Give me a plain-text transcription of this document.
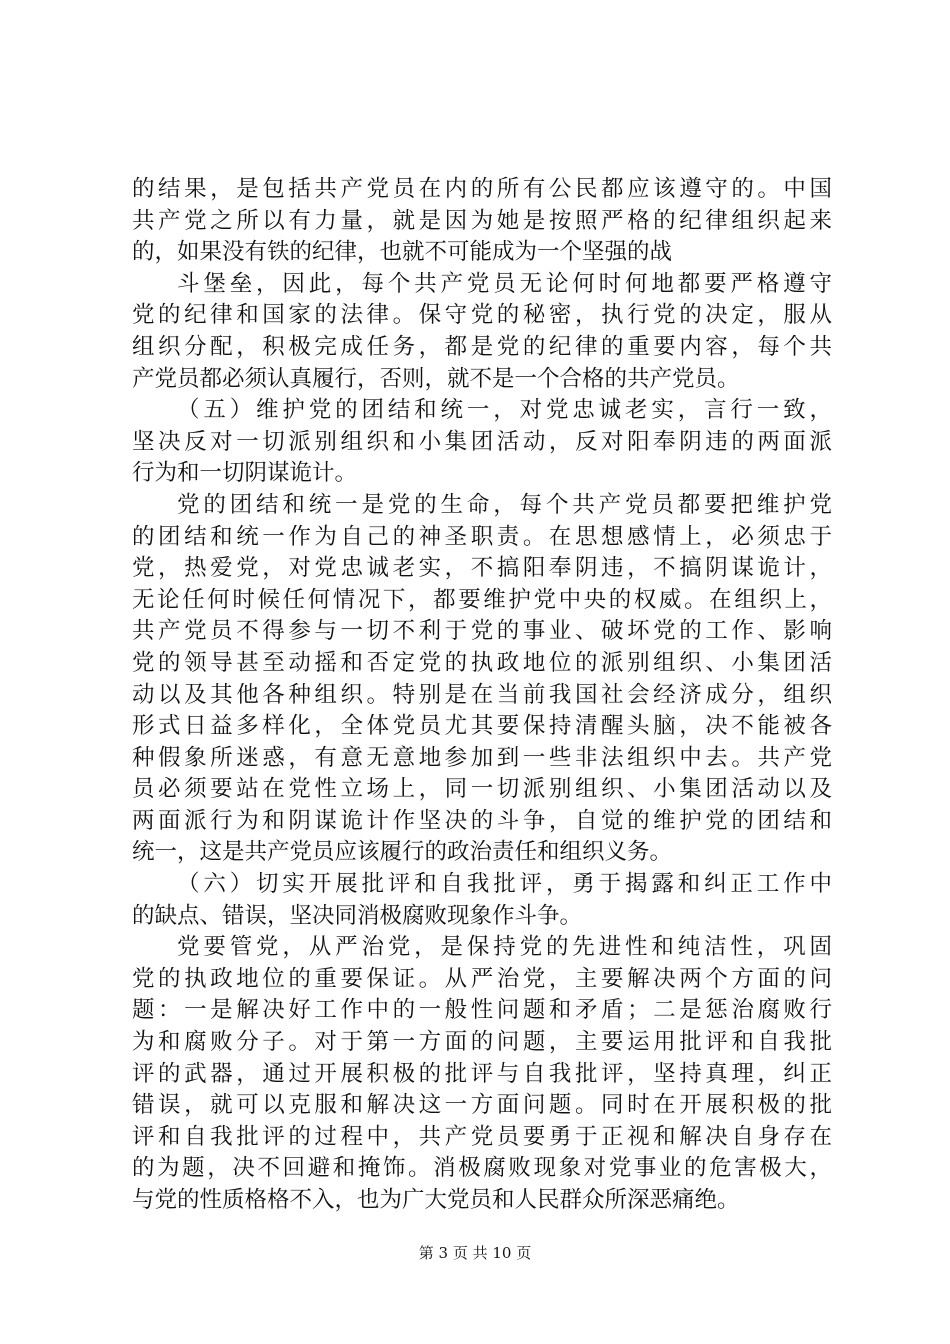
的结果，是包括共产党员在内的所有公民都应该遵守的。中国
共产党之所以有力量，就是因为她是按照严格的纪律组织起来
的，如果没有铁的纪律，也就不可能成为一个坚强的战
斗堡垒，因此，每个共产党员无论何时何地都要严格遵守
党的纪律和国家的法律。保守党的秘密，执行党的决定，服从
组织分配，积极完成任务，都是党的纪律的重要内容，每个共
产党员都必须认真履行，否则，就不是一个合格的共产党员。
（五）维护党的团结和统一，对党忠诚老实，言行一致，
坚决反对一切派别组织和小集团活动，反对阳奉阴违的两面派
行为和一切阴谋诡计。
党的团结和统一是党的生命，每个共产党员都要把维护党
的团结和统一作为自己的神圣职责。在思想感情上，必须忠于
党，热爱党，对党忠诚老实，不搞阳奉阴违，不搞阴谋诡计，
无论任何时候任何情况下，都要维护党中央的权威。在组织上，
共产党员不得参与一切不利于党的事业、破坏党的工作、影响
党的领导甚至动摇和否定党的执政地位的派别组织、小集团活
动以及其他各种组织。特别是在当前我国社会经济成分，组织
形式日益多样化，全体党员尤其要保持清醒头脑，决不能被各
种假象所迷惑，有意无意地参加到一些非法组织中去。共产党
员必须要站在党性立场上，同一切派别组织、小集团活动以及
两面派行为和阴谋诡计作坚决的斗争，自觉的维护党的团结和
统一，这是共产党员应该履行的政治责任和组织义务。
（六）切实开展批评和自我批评，勇于揭露和纠正工作中
的缺点、错误，坚决同消极腐败现象作斗争。
党要管党，从严治党，是保持党的先进性和纯洁性，巩固
党的执政地位的重要保证。从严治党，主要解决两个方面的问
题：一是解决好工作中的一般性问题和矛盾；二是惩治腐败行
为和腐败分子。对于第一方面的问题，主要运用批评和自我批
评的武器，通过开展积极的批评与自我批评，坚持真理，纠正
错误，就可以克服和解决这一方面问题。同时在开展积极的批
评和自我批评的过程中，共产党员要勇于正视和解决自身存在
的为题，决不回避和掩饰。消极腐败现象对党事业的危害极大，
与党的性质格格不入，也为广大党员和人民群众所深恶痛绝。
第 3 页 共 10 页
